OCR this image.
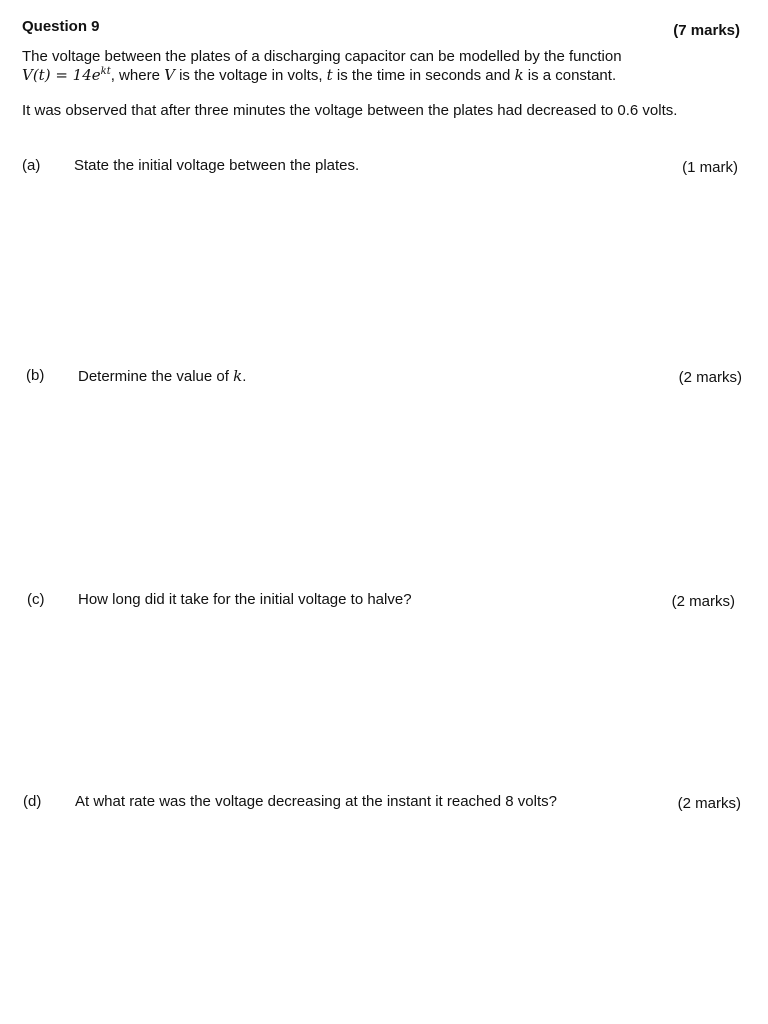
Question 9	(7 marks)
The voltage between the plates of a discharging capacitor can be modelled by the function
$V(t) = 14e^{kt}$, where V is the voltage in volts, t is the time in seconds and k is a constant.
It was observed that after three minutes the voltage between the plates had decreased to 0.6 volts.
(a) State the initial voltage between the plates.	(1 mark)
(b) Determine the value of k.	(2 marks)
(c) How long did it take for the initial voltage to halve?	(2 marks)
(d) At what rate was the voltage decreasing at the instant it reached 8 volts?	(2 marks)
